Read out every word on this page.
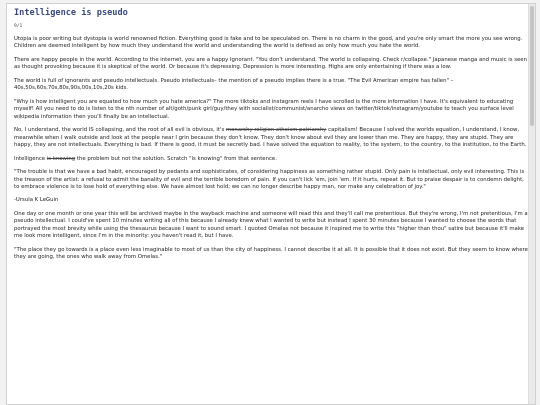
Intelligence is pseudo
9/1

Utopia is poor writing but dystopia is world renowned fiction. Everything good is fake and to be speculated on. There is no charm in the good, and you're only smart the more you see wrong. Children are deemed intelligent by how much they understand the world and understanding the world is defined as only how much you hate the world.

There are happy people in the world. According to the internet, you are a happy Ignorant. "You don't understand. The world is collapsing. Check r/collapse." Japanese manga and music is seen as thought provoking because it is skeptical of the world. Or because it's depressing. Depression is more interesting. Highs are only entertaining if there was a low.

The world is full of ignorants and pseudo intellectuals. Pseudo intellectuals– the mention of a pseudo implies there is a true. "The Evil American empire has fallen" – 40s,50s,60s,70s,80s,90s,00s,10s,20s kids.

"Why is how intelligent you are equated to how much you hate america?" The more tiktoks and instagram reels I have scrolled is the more information I have. It's equivalent to educating myself! All you need to do is listen to the nth number of alt/goth/punk girl/guy/they with socialist/communist/anarcho views on twitter/tiktok/instagram/youtube to teach you surface level wikipedia information then you'll finally be an intellectual.

No, I understand, the world IS collapsing, and the root of all evil is obvious, it's monarchy religion atheism patriarchy capitalism! Because I solved the worlds equation, I understand, I know, meanwhile when I walk outside and look at the people near I grin because they don't know. They don't know about evil they are lower than me. They are happy, they are stupid. They are happy, they are not intellectuals. Everything is bad. If there is good, it must be secretly bad. I have solved the equation to reality, to the system, to the country, to the institution, to the Earth.

Intelligence is knowing the problem but not the solution. Scratch "is knowing" from that sentence.

"The trouble is that we have a bad habit, encouraged by pedants and sophisticates, of considering happiness as something rather stupid. Only pain is intellectual, only evil interesting. This is the treason of the artist: a refusal to admit the banality of evil and the terrible boredom of pain. If you can't lick 'em, join 'em. If it hurts, repeat it. But to praise despair is to condemn delight, to embrace violence is to lose hold of everything else. We have almost lost hold; we can no longer describe happy man, nor make any celebration of joy."

-Ursula K LeGuin

One day or one month or one year this will be archived maybe in the wayback machine and someone will read this and they'll call me pretentious. But they're wrong, I'm not pretentious, I'm a pseudo intellectual. I could've spent 10 minutes writing all of this because I already knew what I wanted to write but instead I spent 30 minutes because I wanted to choose the words that portrayed the most brevity while using the thesaurus because I want to sound smart. I quoted Omelas not because it inspired me to write this "higher than thou" satire but because it'll make me look more intelligent, since I'm in the minority: you haven't read it, but I have.

"The place they go towards is a place even less imaginable to most of us than the city of happiness. I cannot describe it at all. It is possible that it does not exist. But they seem to know where they are going, the ones who walk away from Omelas."
